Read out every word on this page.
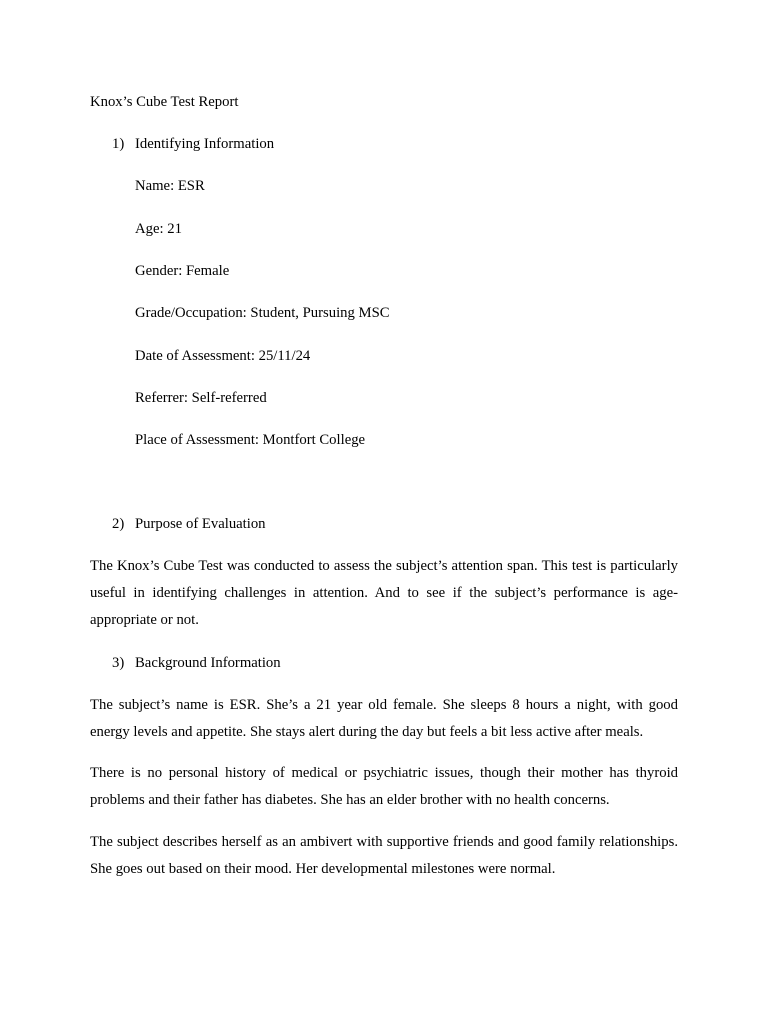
Knox’s Cube Test Report
1) Identifying Information
Name: ESR
Age: 21
Gender: Female
Grade/Occupation: Student, Pursuing MSC
Date of Assessment: 25/11/24
Referrer: Self-referred
Place of Assessment: Montfort College
2) Purpose of Evaluation
The Knox’s Cube Test was conducted to assess the subject’s attention span. This test is particularly useful in identifying challenges in attention. And to see if the subject’s performance is age-appropriate or not.
3) Background Information
The subject’s name is ESR. She’s a 21 year old female. She sleeps 8 hours a night, with good energy levels and appetite. She stays alert during the day but feels a bit less active after meals.
There is no personal history of medical or psychiatric issues, though their mother has thyroid problems and their father has diabetes. She has an elder brother with no health concerns.
The subject describes herself as an ambivert with supportive friends and good family relationships. She goes out based on their mood. Her developmental milestones were normal.
